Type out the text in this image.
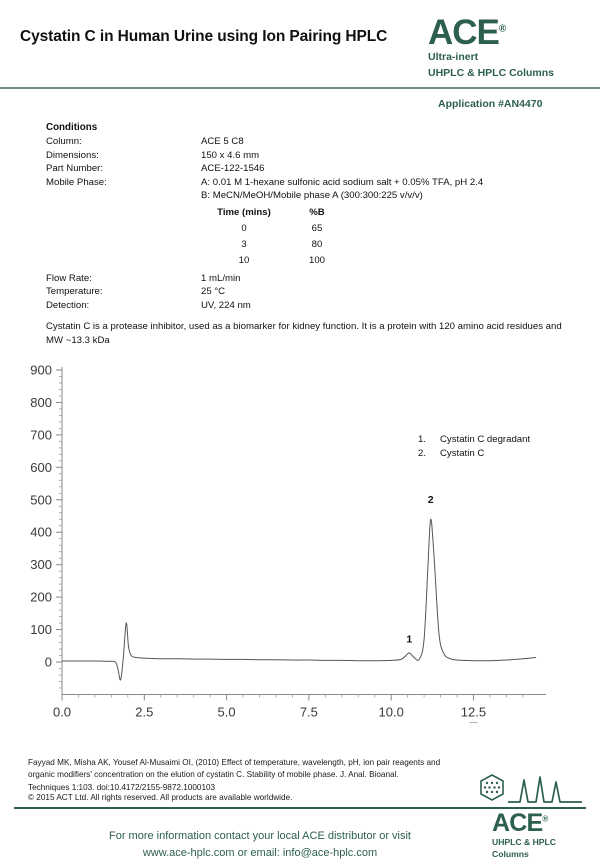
Cystatin C in Human Urine using Ion Pairing HPLC ACE®
Ultra-inert
UHPLC & HPLC Columns
Application #AN4470
Conditions
Column:	ACE 5 C8
Dimensions:	150 x 4.6 mm
Part Number:	ACE-122-1546
Mobile Phase:	A: 0.01 M 1-hexane sulfonic acid sodium salt + 0.05% TFA, pH 2.4
B: MeCN/MeOH/Mobile phase A (300:300:225 v/v/v)
Time (mins)	%B
0	65
3	80
10	100
Flow Rate:	1 mL/min
Temperature:	25 °C
Detection:	UV, 224 nm
Cystatin C is a protease inhibitor, used as a biomarker for kidney function. It is a protein with 120 amino acid residues and MW ~13.3 kDa
0
100
200
300
400
500
600
700
800
900
0.0	2.5	5.0	7.5	10.0	12.5
1
2
1.	Cystatin C degradant
2.	Cystatin C
Fayyad MK, Misha AK, Yousef Al-Musaimi OI, (2010) Effect of temperature, wavelength, pH, ion pair reagents and
organic modifiers' concentration on the elution of cystatin C. Stability of mobile phase. J. Anal. Bioanal.
Techniques 1:103. doi:10.4172/2155-9872.1000103
© 2015 ACT Ltd. All rights reserved. All products are available worldwide.
For more information contact your local ACE distributor or visit
www.ace-hplc.com or email: info@ace-hplc.com
ACE®
UHPLC & HPLC
Columns
